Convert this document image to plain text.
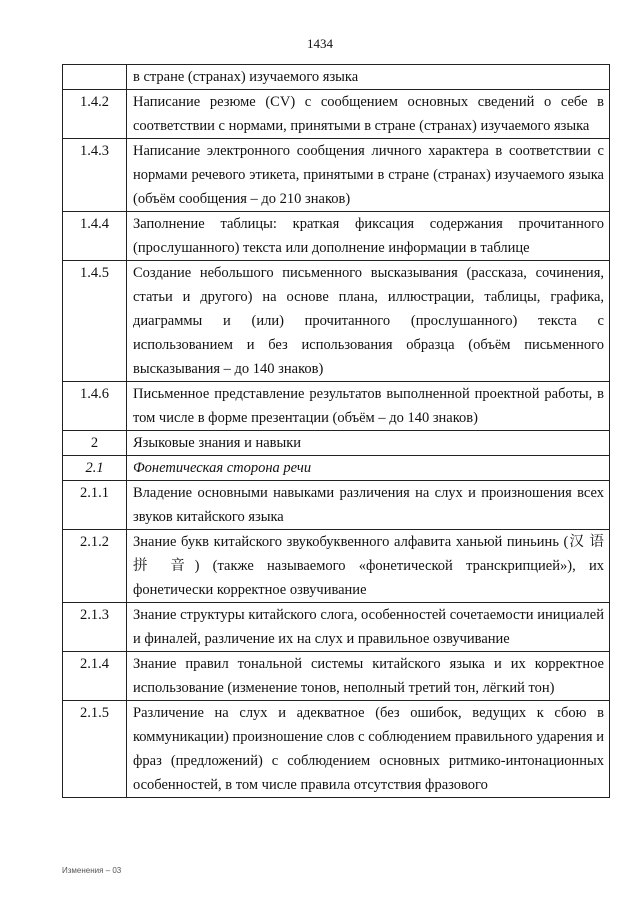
1434
	в стране (странах) изучаемого языка
1.4.2	Написание резюме (CV) с сообщением основных сведений о себе в соответствии с нормами, принятыми в стране (странах) изучаемого языка
1.4.3	Написание электронного сообщения личного характера в соответствии с нормами речевого этикета, принятыми в стране (странах) изучаемого языка (объём сообщения – до 210 знаков)
1.4.4	Заполнение таблицы: краткая фиксация содержания прочитанного (прослушанного) текста или дополнение информации в таблице
1.4.5	Создание небольшого письменного высказывания (рассказа, сочинения, статьи и другого) на основе плана, иллюстрации, таблицы, графика, диаграммы и (или) прочитанного (прослушанного) текста с использованием и без использования образца (объём письменного высказывания – до 140 знаков)
1.4.6	Письменное представление результатов выполненной проектной работы, в том числе в форме презентации (объём – до 140 знаков)
2	Языковые знания и навыки
2.1	Фонетическая сторона речи
2.1.1	Владение основными навыками различения на слух и произношения всех звуков китайского языка
2.1.2	Знание букв китайского звукобуквенного алфавита ханьюй пиньинь (汉 语 拼 音) (также называемого «фонетической транскрипцией»), их фонетически корректное озвучивание
2.1.3	Знание структуры китайского слога, особенностей сочетаемости инициалей и финалей, различение их на слух и правильное озвучивание
2.1.4	Знание правил тональной системы китайского языка и их корректное использование (изменение тонов, неполный третий тон, лёгкий тон)
2.1.5	Различение на слух и адекватное (без ошибок, ведущих к сбою в коммуникации) произношение слов с соблюдением правильного ударения и фраз (предложений) с соблюдением основных ритмико-интонационных особенностей, в том числе правила отсутствия фразового
Изменения – 03
